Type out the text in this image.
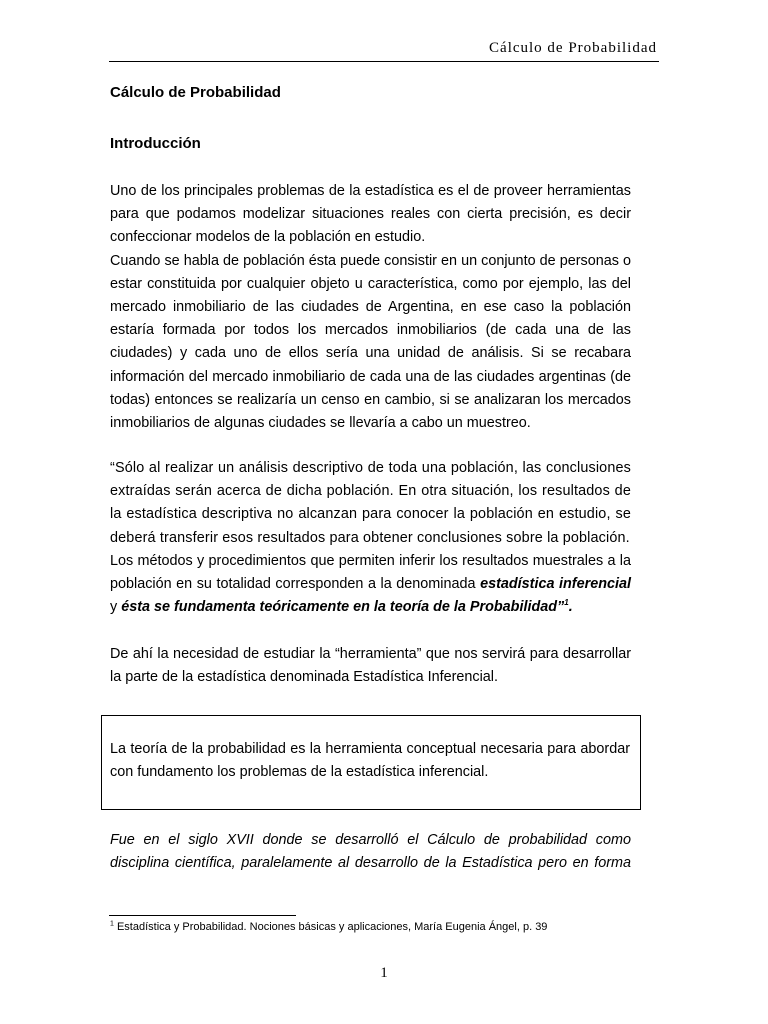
Cálculo de Probabilidad
Cálculo de Probabilidad
Introducción

Uno de los principales problemas de la estadística es el de proveer herramientas para que podamos modelizar situaciones reales con cierta precisión, es decir confeccionar modelos de la población en estudio.

Cuando se habla de población ésta puede consistir en un conjunto de personas o estar constituida por cualquier objeto u característica, como por ejemplo, las del mercado inmobiliario de las ciudades de Argentina, en ese caso la población estaría formada por todos los mercados inmobiliarios (de cada una de las ciudades) y cada uno de ellos sería una unidad de análisis. Si se recabara información del mercado inmobiliario de cada una de las ciudades argentinas (de todas) entonces se realizaría un censo en cambio, si se analizaran los mercados inmobiliarios de algunas ciudades se llevaría a cabo un muestreo.

“Sólo al realizar un análisis descriptivo de toda una población, las conclusiones extraídas serán acerca de dicha población. En otra situación, los resultados de la estadística descriptiva no alcanzan para conocer la población en estudio, se deberá transferir esos resultados para obtener conclusiones sobre la población.

Los métodos y procedimientos que permiten inferir los resultados muestrales a la población en su totalidad corresponden a la denominada estadística inferencial y ésta se fundamenta teóricamente en la teoría de la Probabilidad”$^1$.

De ahí la necesidad de estudiar la “herramienta” que nos servirá para desarrollar la parte de la estadística denominada Estadística Inferencial.

La teoría de la probabilidad es la herramienta conceptual necesaria para abordar con fundamento los problemas de la estadística inferencial.

Fue en el siglo XVII donde se desarrolló el Cálculo de probabilidad como disciplina científica, paralelamente al desarrollo de la Estadística pero en forma

$^1$ Estadística y Probabilidad. Nociones básicas y aplicaciones, María Eugenia Ángel, p. 39
1
